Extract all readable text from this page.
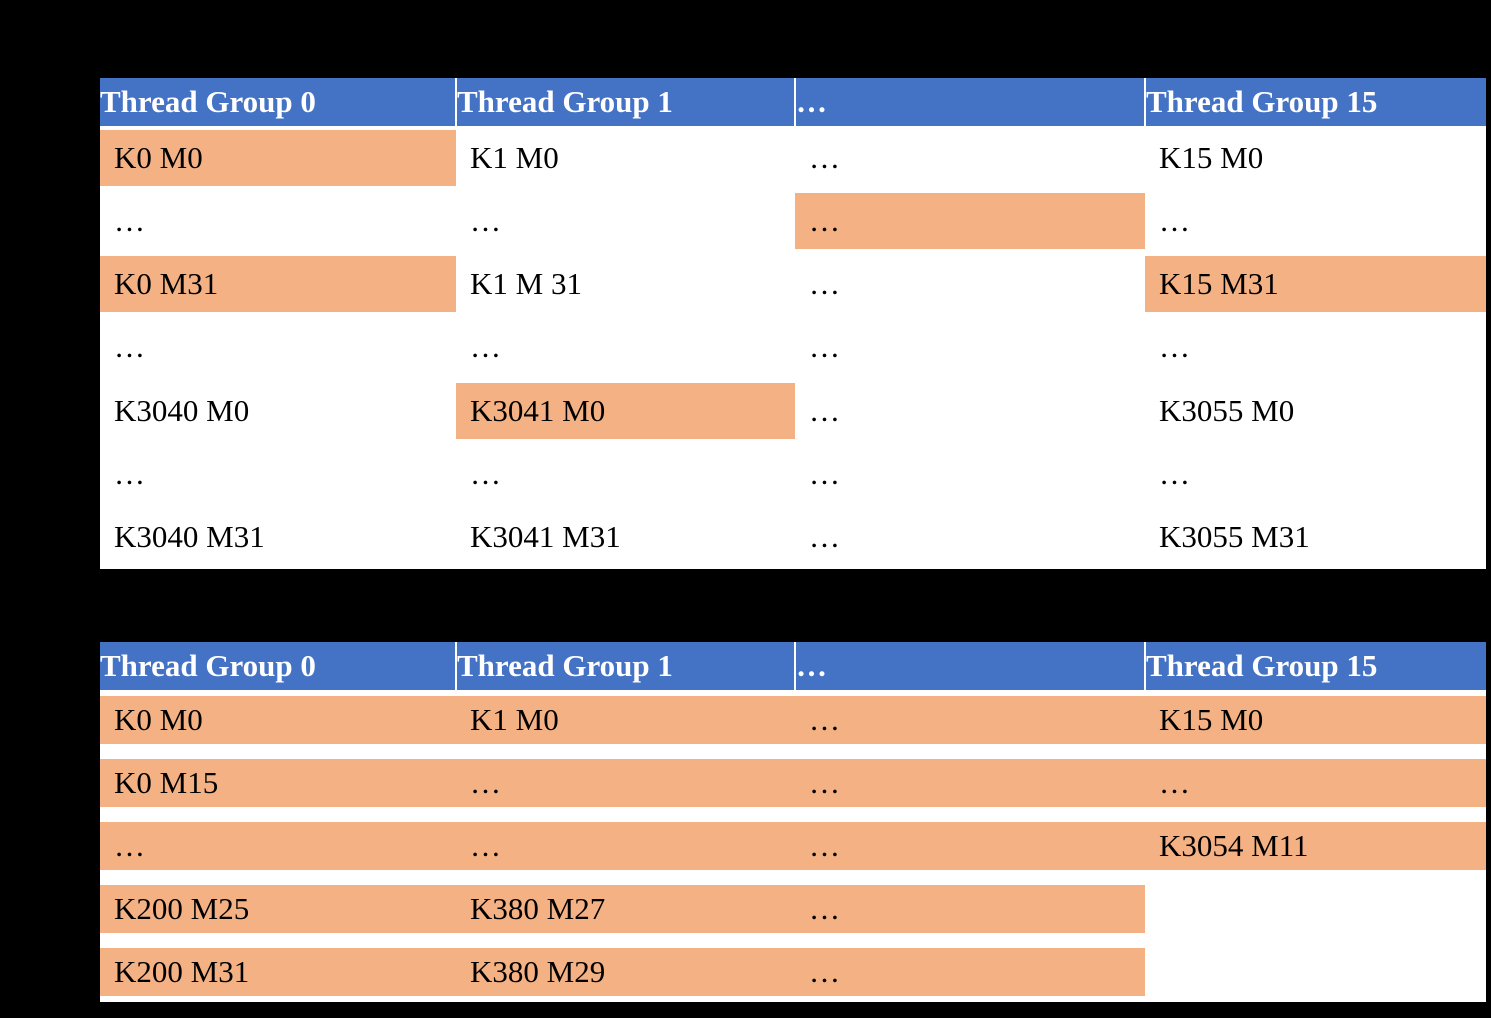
Thread Group 0	Thread Group 1	…	Thread Group 15

K0 M0	K1 M0	…	K15 M0

…	…	…	…

K0 M31	K1 M 31	…	K15 M31

…	…	…	…

K3040 M0	K3041 M0	…	K3055 M0

…	…	…	…

K3040 M31	K3041 M31	…	K3055 M31
Thread Group 0	Thread Group 1	…	Thread Group 15

K0 M0	K1 M0	…	K15 M0

K0 M15	…	…	…

…	…	…	K3054 M11

K200 M25	K380 M27	…	

K200 M31	K380 M29	…	
